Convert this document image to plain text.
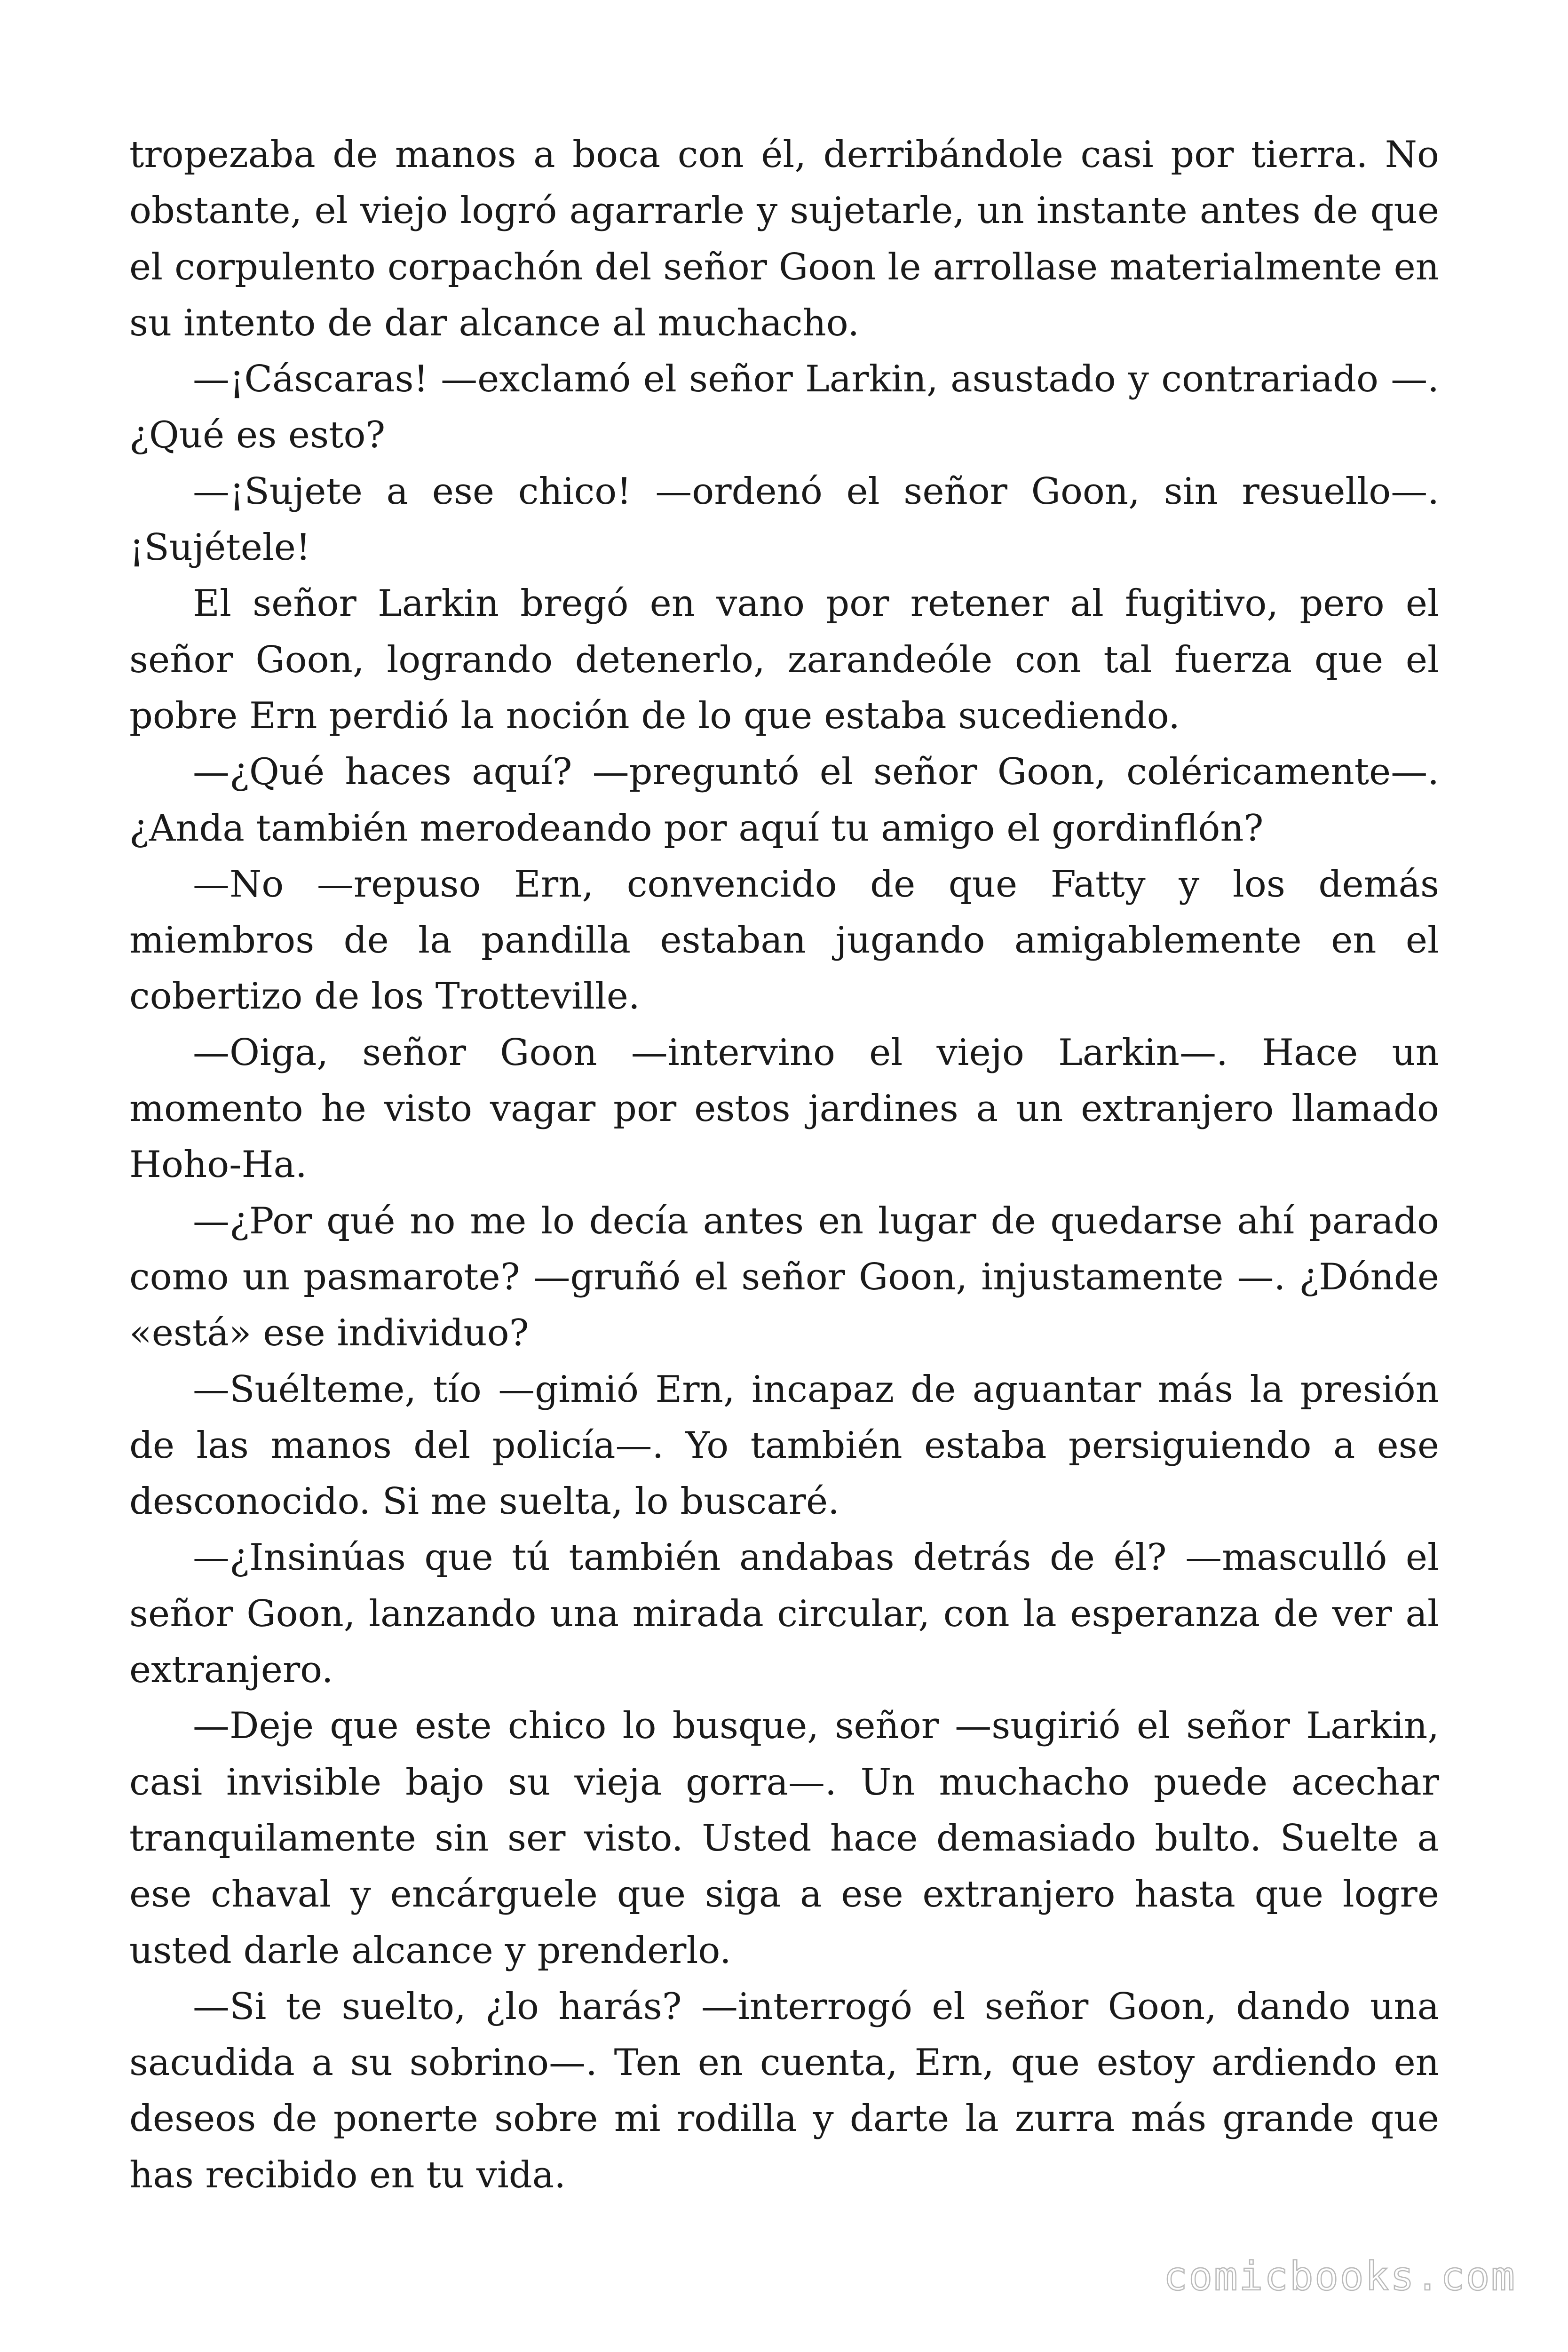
tropezaba de manos a boca con él, derribándole casi por tierra. No obstante, el viejo logró agarrarle y sujetarle, un instante antes de que el corpulento corpachón del señor Goon le arrollase materialmente en su intento de dar alcance al muchacho.

—¡Cáscaras! —exclamó el señor Larkin, asustado y contrariado —. ¿Qué es esto?

—¡Sujete a ese chico! —ordenó el señor Goon, sin resuello—. ¡Sujétele!

El señor Larkin bregó en vano por retener al fugitivo, pero el señor Goon, logrando detenerlo, zarandeóle con tal fuerza que el pobre Ern perdió la noción de lo que estaba sucediendo.

—¿Qué haces aquí? —preguntó el señor Goon, coléricamente—. ¿Anda también merodeando por aquí tu amigo el gordinflón?

—No —repuso Ern, convencido de que Fatty y los demás miembros de la pandilla estaban jugando amigablemente en el cobertizo de los Trotteville.

—Oiga, señor Goon —intervino el viejo Larkin—. Hace un momento he visto vagar por estos jardines a un extranjero llamado Hoho-Ha.

—¿Por qué no me lo decía antes en lugar de quedarse ahí parado como un pasmarote? —gruñó el señor Goon, injustamente —. ¿Dónde «está» ese individuo?

—Suélteme, tío —gimió Ern, incapaz de aguantar más la presión de las manos del policía—. Yo también estaba persiguiendo a ese desconocido. Si me suelta, lo buscaré.

—¿Insinúas que tú también andabas detrás de él? —masculló el señor Goon, lanzando una mirada circular, con la esperanza de ver al extranjero.

—Deje que este chico lo busque, señor —sugirió el señor Larkin, casi invisible bajo su vieja gorra—. Un muchacho puede acechar tranquilamente sin ser visto. Usted hace demasiado bulto. Suelte a ese chaval y encárguele que siga a ese extranjero hasta que logre usted darle alcance y prenderlo.

—Si te suelto, ¿lo harás? —interrogó el señor Goon, dando una sacudida a su sobrino—. Ten en cuenta, Ern, que estoy ardiendo en deseos de ponerte sobre mi rodilla y darte la zurra más grande que has recibido en tu vida.

comicbooks.com
